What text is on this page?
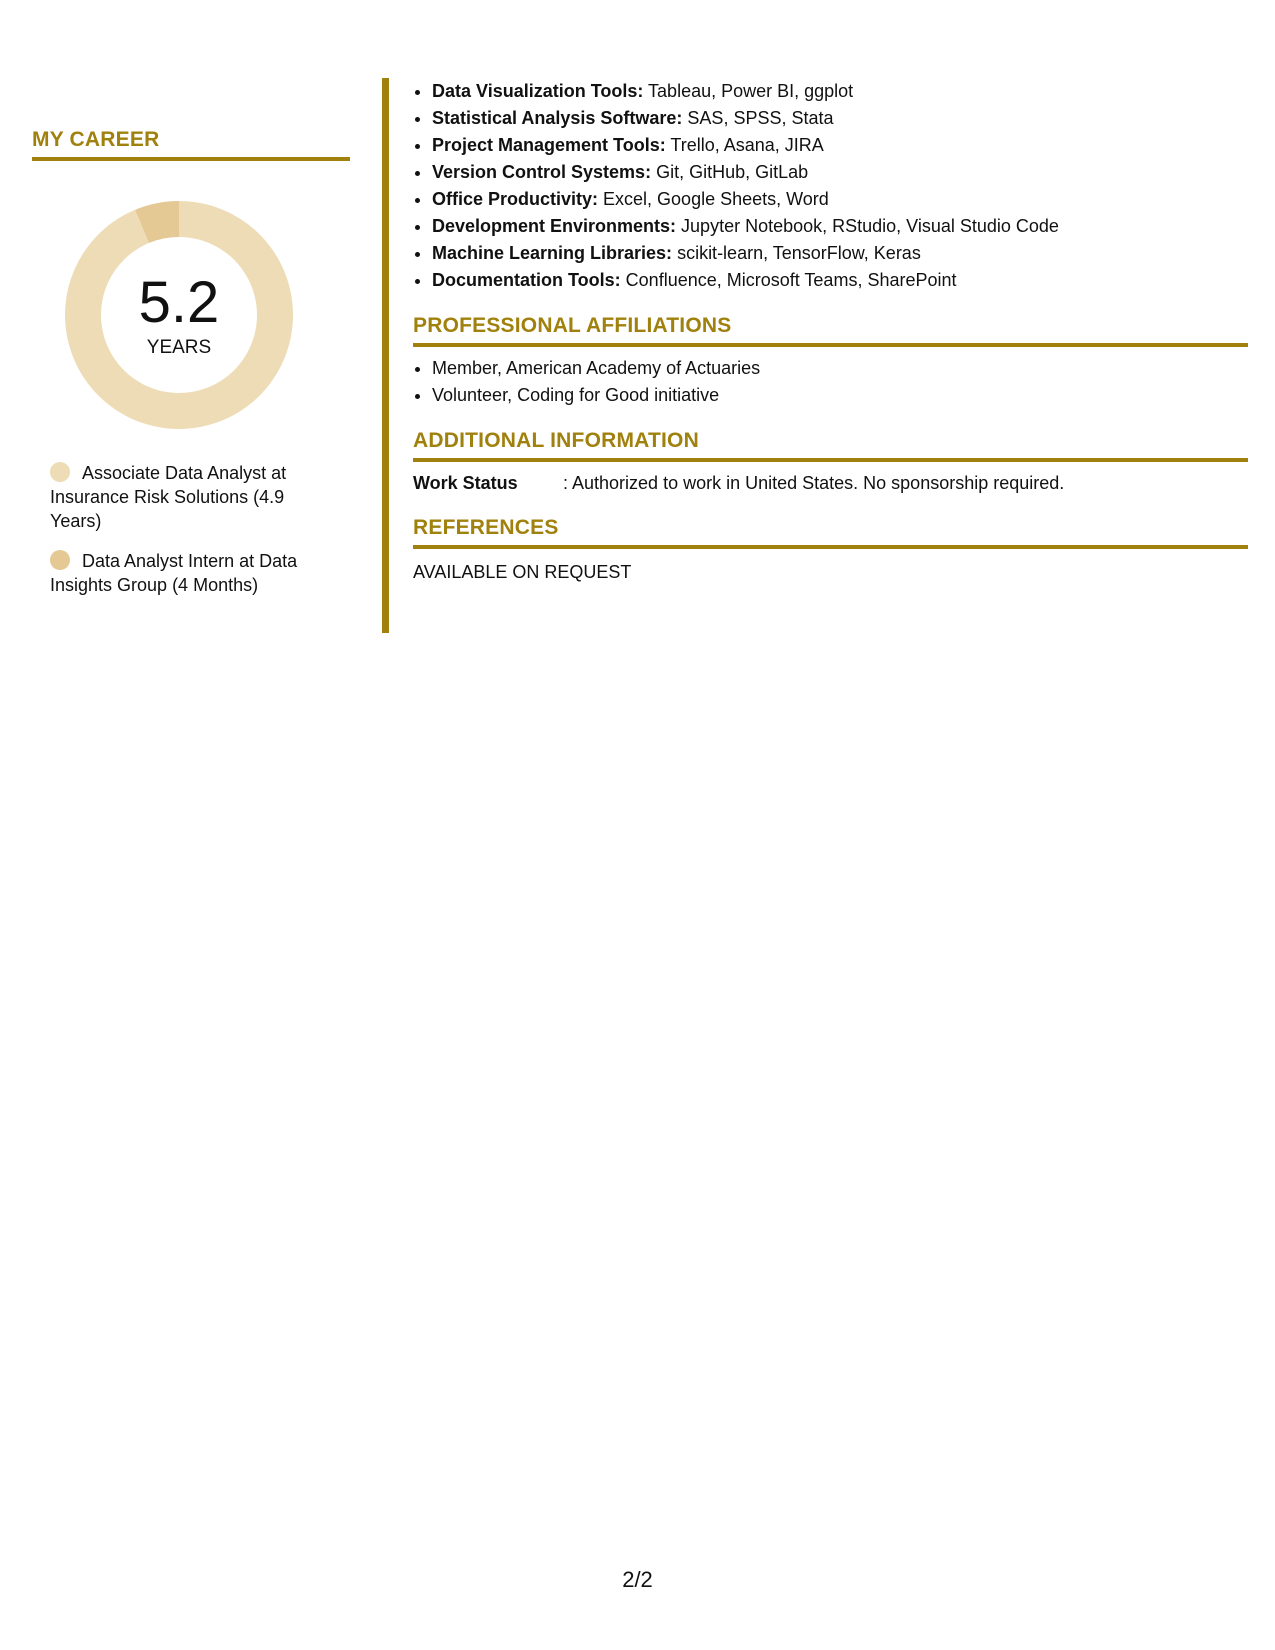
MY CAREER
5.2
YEARS
Associate Data Analyst at Insurance Risk Solutions (4.9 Years)
Data Analyst Intern at Data Insights Group (4 Months)
• Data Visualization Tools: Tableau, Power BI, ggplot
• Statistical Analysis Software: SAS, SPSS, Stata
• Project Management Tools: Trello, Asana, JIRA
• Version Control Systems: Git, GitHub, GitLab
• Office Productivity: Excel, Google Sheets, Word
• Development Environments: Jupyter Notebook, RStudio, Visual Studio Code
• Machine Learning Libraries: scikit-learn, TensorFlow, Keras
• Documentation Tools: Confluence, Microsoft Teams, SharePoint
PROFESSIONAL AFFILIATIONS
• Member, American Academy of Actuaries
• Volunteer, Coding for Good initiative
ADDITIONAL INFORMATION
Work Status	: Authorized to work in United States. No sponsorship required.
REFERENCES
AVAILABLE ON REQUEST
2/2
